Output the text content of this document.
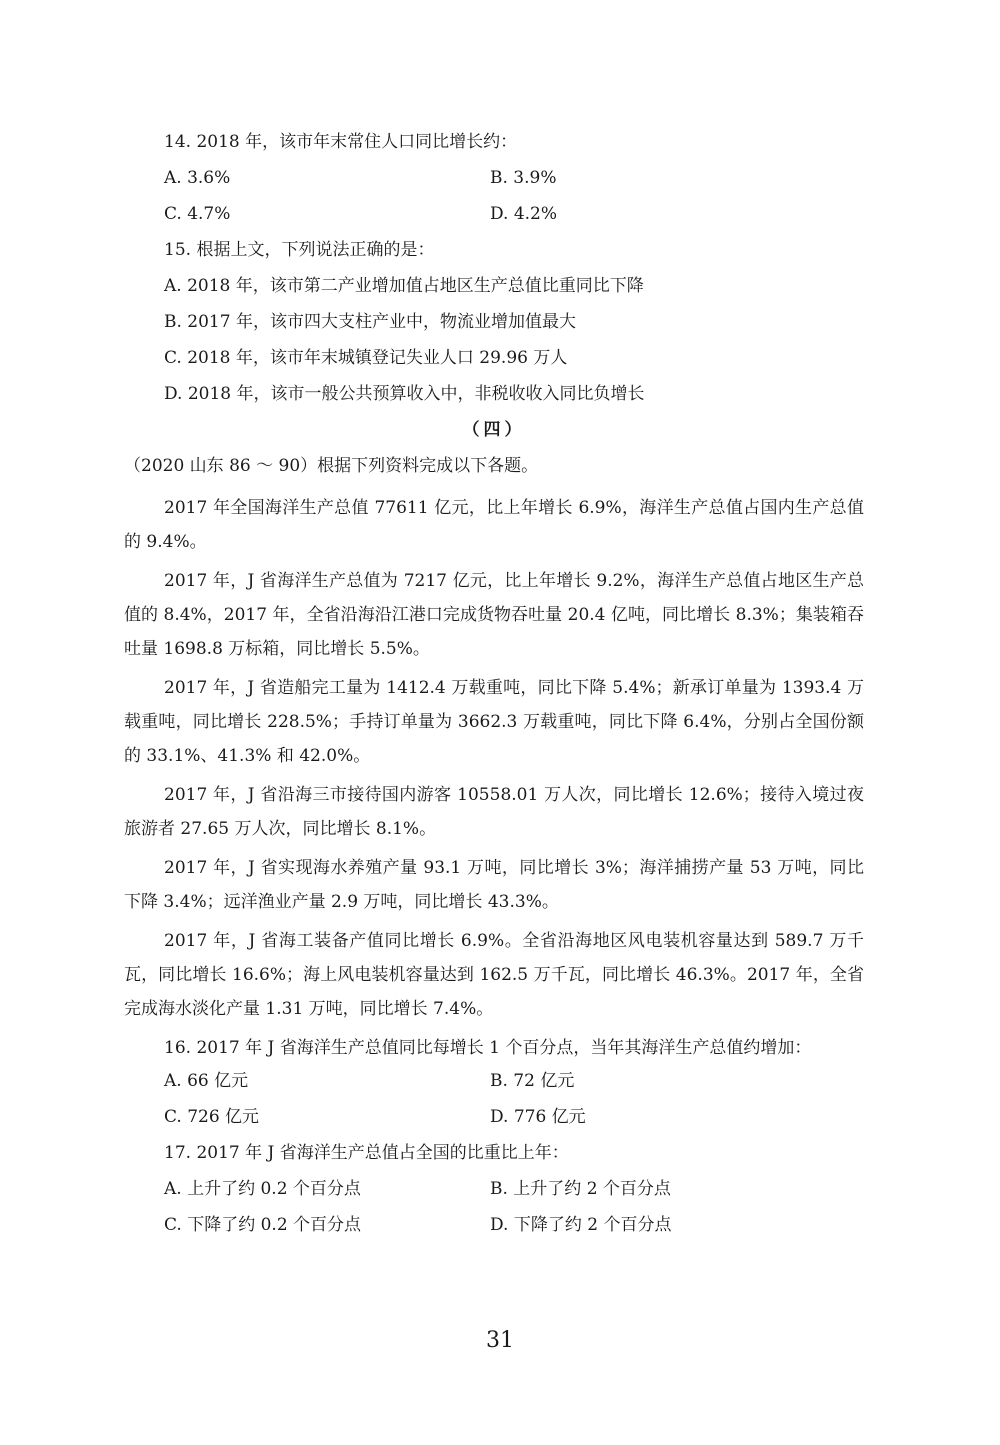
14. 2018 年，该市年末常住人口同比增长约：

A. 3.6%	B. 3.9%
C. 4.7%	D. 4.2%

15. 根据上文，下列说法正确的是：

A. 2018 年，该市第二产业增加值占地区生产总值比重同比下降

B. 2017 年，该市四大支柱产业中，物流业增加值最大

C. 2018 年，该市年末城镇登记失业人口 29.96 万人

D. 2018 年，该市一般公共预算收入中，非税收收入同比负增长

（四）

（2020 山东 86 ～ 90）根据下列资料完成以下各题。

2017 年全国海洋生产总值 77611 亿元，比上年增长 6.9%，海洋生产总值占国内生产总值的 9.4%。

2017 年，J 省海洋生产总值为 7217 亿元，比上年增长 9.2%，海洋生产总值占地区生产总值的 8.4%，2017 年，全省沿海沿江港口完成货物吞吐量 20.4 亿吨，同比增长 8.3%；集装箱吞吐量 1698.8 万标箱，同比增长 5.5%。

2017 年，J 省造船完工量为 1412.4 万载重吨，同比下降 5.4%；新承订单量为 1393.4 万载重吨，同比增长 228.5%；手持订单量为 3662.3 万载重吨，同比下降 6.4%，分别占全国份额的 33.1%、41.3% 和 42.0%。

2017 年，J 省沿海三市接待国内游客 10558.01 万人次，同比增长 12.6%；接待入境过夜旅游者 27.65 万人次，同比增长 8.1%。

2017 年，J 省实现海水养殖产量 93.1 万吨，同比增长 3%；海洋捕捞产量 53 万吨，同比下降 3.4%；远洋渔业产量 2.9 万吨，同比增长 43.3%。

2017 年，J 省海工装备产值同比增长 6.9%。全省沿海地区风电装机容量达到 589.7 万千瓦，同比增长 16.6%；海上风电装机容量达到 162.5 万千瓦，同比增长 46.3%。2017 年，全省完成海水淡化产量 1.31 万吨，同比增长 7.4%。

16. 2017 年 J 省海洋生产总值同比每增长 1 个百分点，当年其海洋生产总值约增加：

A. 66 亿元	B. 72 亿元
C. 726 亿元	D. 776 亿元

17. 2017 年 J 省海洋生产总值占全国的比重比上年：

A. 上升了约 0.2 个百分点	B. 上升了约 2 个百分点
C. 下降了约 0.2 个百分点	D. 下降了约 2 个百分点
31
